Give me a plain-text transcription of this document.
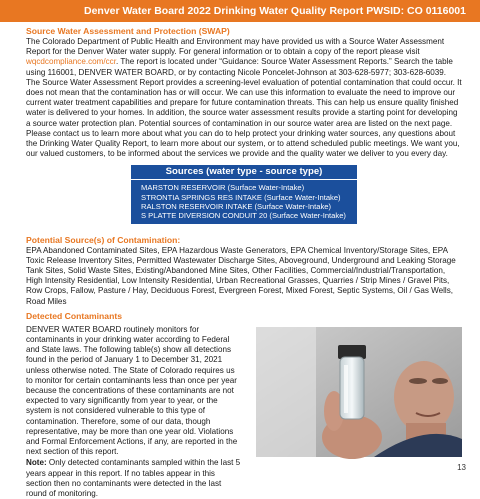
Denver Water Board 2022 Drinking Water Quality Report PWSID: CO 0116001
Source Water Assessment and Protection (SWAP)

The Colorado Department of Public Health and Environment may have provided us with a Source Water Assessment Report for the Denver Water water supply. For general information or to obtain a copy of the report please visit wqcdcompliance.com/ccr. The report is located under “Guidance: Source Water Assessment Reports.” Search the table using 116001, DENVER WATER BOARD, or by contacting Nicole Poncelet-Johnson at 303-628-5977; 303-628-6039. The Source Water Assessment Report provides a screening-level evaluation of potential contamination that could occur. It does not mean that the contamination has or will occur. We can use this information to evaluate the need to improve our current water treatment capabilities and prepare for future contamination threats. This can help us ensure quality finished water is delivered to your homes. In addition, the source water assessment results provide a starting point for developing a source water protection plan. Potential sources of contamination in our source water area are listed on the next page.

Please contact us to learn more about what you can do to help protect your drinking water sources, any questions about the Drinking Water Quality Report, to learn more about our system, or to attend scheduled public meetings. We want you, our valued customers, to be informed about the services we provide and the quality water we deliver to you every day.

Sources (water type - source type)
MARSTON RESERVOIR (Surface Water-Intake)
STRONTIA SPRINGS RES INTAKE (Surface Water-Intake)
RALSTON RESERVOIR INTAKE (Surface Water-Intake)
S PLATTE DIVERSION CONDUIT 20 (Surface Water-Intake)
Potential Source(s) of Contamination:

EPA Abandoned Contaminated Sites, EPA Hazardous Waste Generators, EPA Chemical Inventory/Storage Sites, EPA Toxic Release Inventory Sites, Permitted Wastewater Discharge Sites, Aboveground, Underground and Leaking Storage Tank Sites, Solid Waste Sites, Existing/Abandoned Mine Sites, Other Facilities, Commercial/Industrial/Transportation, High Intensity Residential, Low Intensity Residential, Urban Recreational Grasses, Quarries / Strip Mines / Gravel Pits, Row Crops, Fallow, Pasture / Hay, Deciduous Forest, Evergreen Forest, Mixed Forest, Septic Systems, Oil / Gas Wells, Road Miles

Detected Contaminants

DENVER WATER BOARD routinely monitors for contaminants in your drinking water according to Federal and State laws. The following table(s) show all detections found in the period of January 1 to December 31, 2021 unless otherwise noted. The State of Colorado requires us to monitor for certain contaminants less than once per year because the concentrations of these contaminants are not expected to vary significantly from year to year, or the system is not considered vulnerable to this type of contamination. Therefore, some of our data, though representative, may be more than one year old. Violations and Formal Enforcement Actions, if any, are reported in the next section of this report.

Note: Only detected contaminants sampled within the last 5 years appear in this report. If no tables appear in this section then no contaminants were detected in the last round of monitoring.

13
